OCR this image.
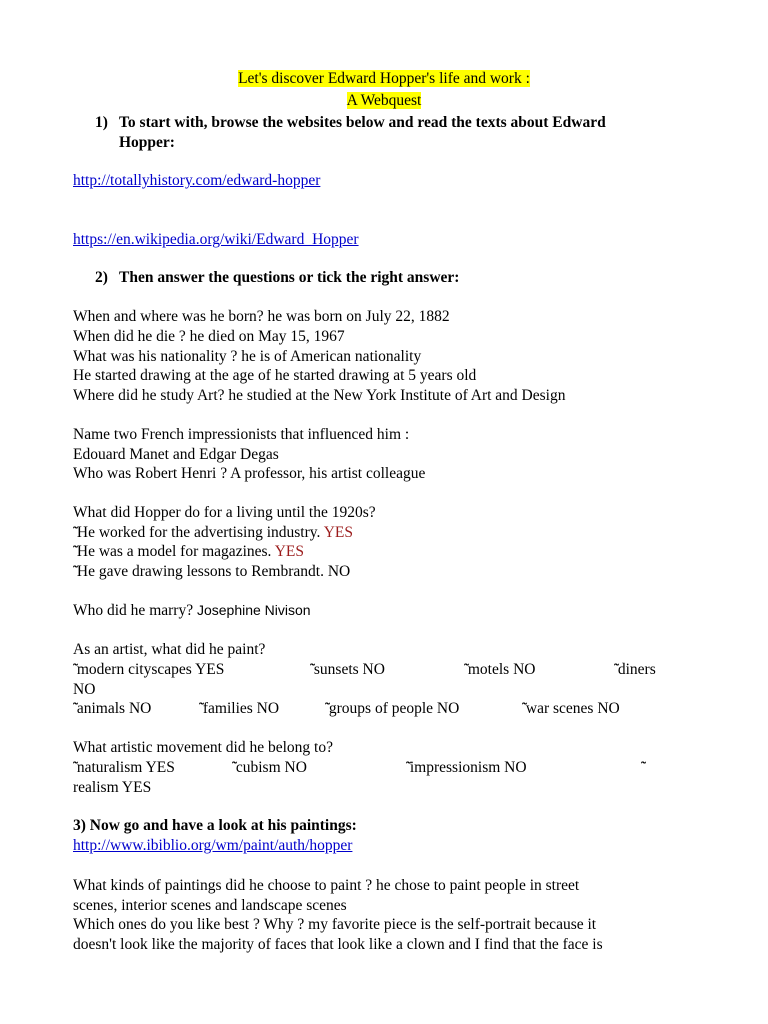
Let's discover Edward Hopper's life and work :
A Webquest
1) To start with, browse the websites below and read the texts about Edward
Hopper:
http://totallyhistory.com/edward-hopper
https://en.wikipedia.org/wiki/Edward_Hopper
2) Then answer the questions or tick the right answer:
When and where was he born? he was born on July 22, 1882
When did he die ? he died on May 15, 1967
What was his nationality ? he is of American nationality
He started drawing at the age of he started drawing at 5 years old
Where did he study Art? he studied at the New York Institute of Art and Design
Name two French impressionists that influenced him :
Edouard Manet and Edgar Degas
Who was Robert Henri ? A professor, his artist colleague
What did Hopper do for a living until the 1920s?
He worked for the advertising industry. YES
He was a model for magazines. YES
He gave drawing lessons to Rembrandt. NO
Who did he marry? Josephine Nivison
As an artist, what did he paint?
modern cityscapes YES	sunsets NO	motels NO	diners
NO
animals NO	families NO	groups of people NO	war scenes NO
What artistic movement did he belong to?
naturalism YES	cubism NO	impressionism NO
realism YES
3) Now go and have a look at his paintings:
http://www.ibiblio.org/wm/paint/auth/hopper
What kinds of paintings did he choose to paint ? he chose to paint people in street
scenes, interior scenes and landscape scenes
Which ones do you like best ? Why ? my favorite piece is the self-portrait because it
doesn't look like the majority of faces that look like a clown and I find that the face is
